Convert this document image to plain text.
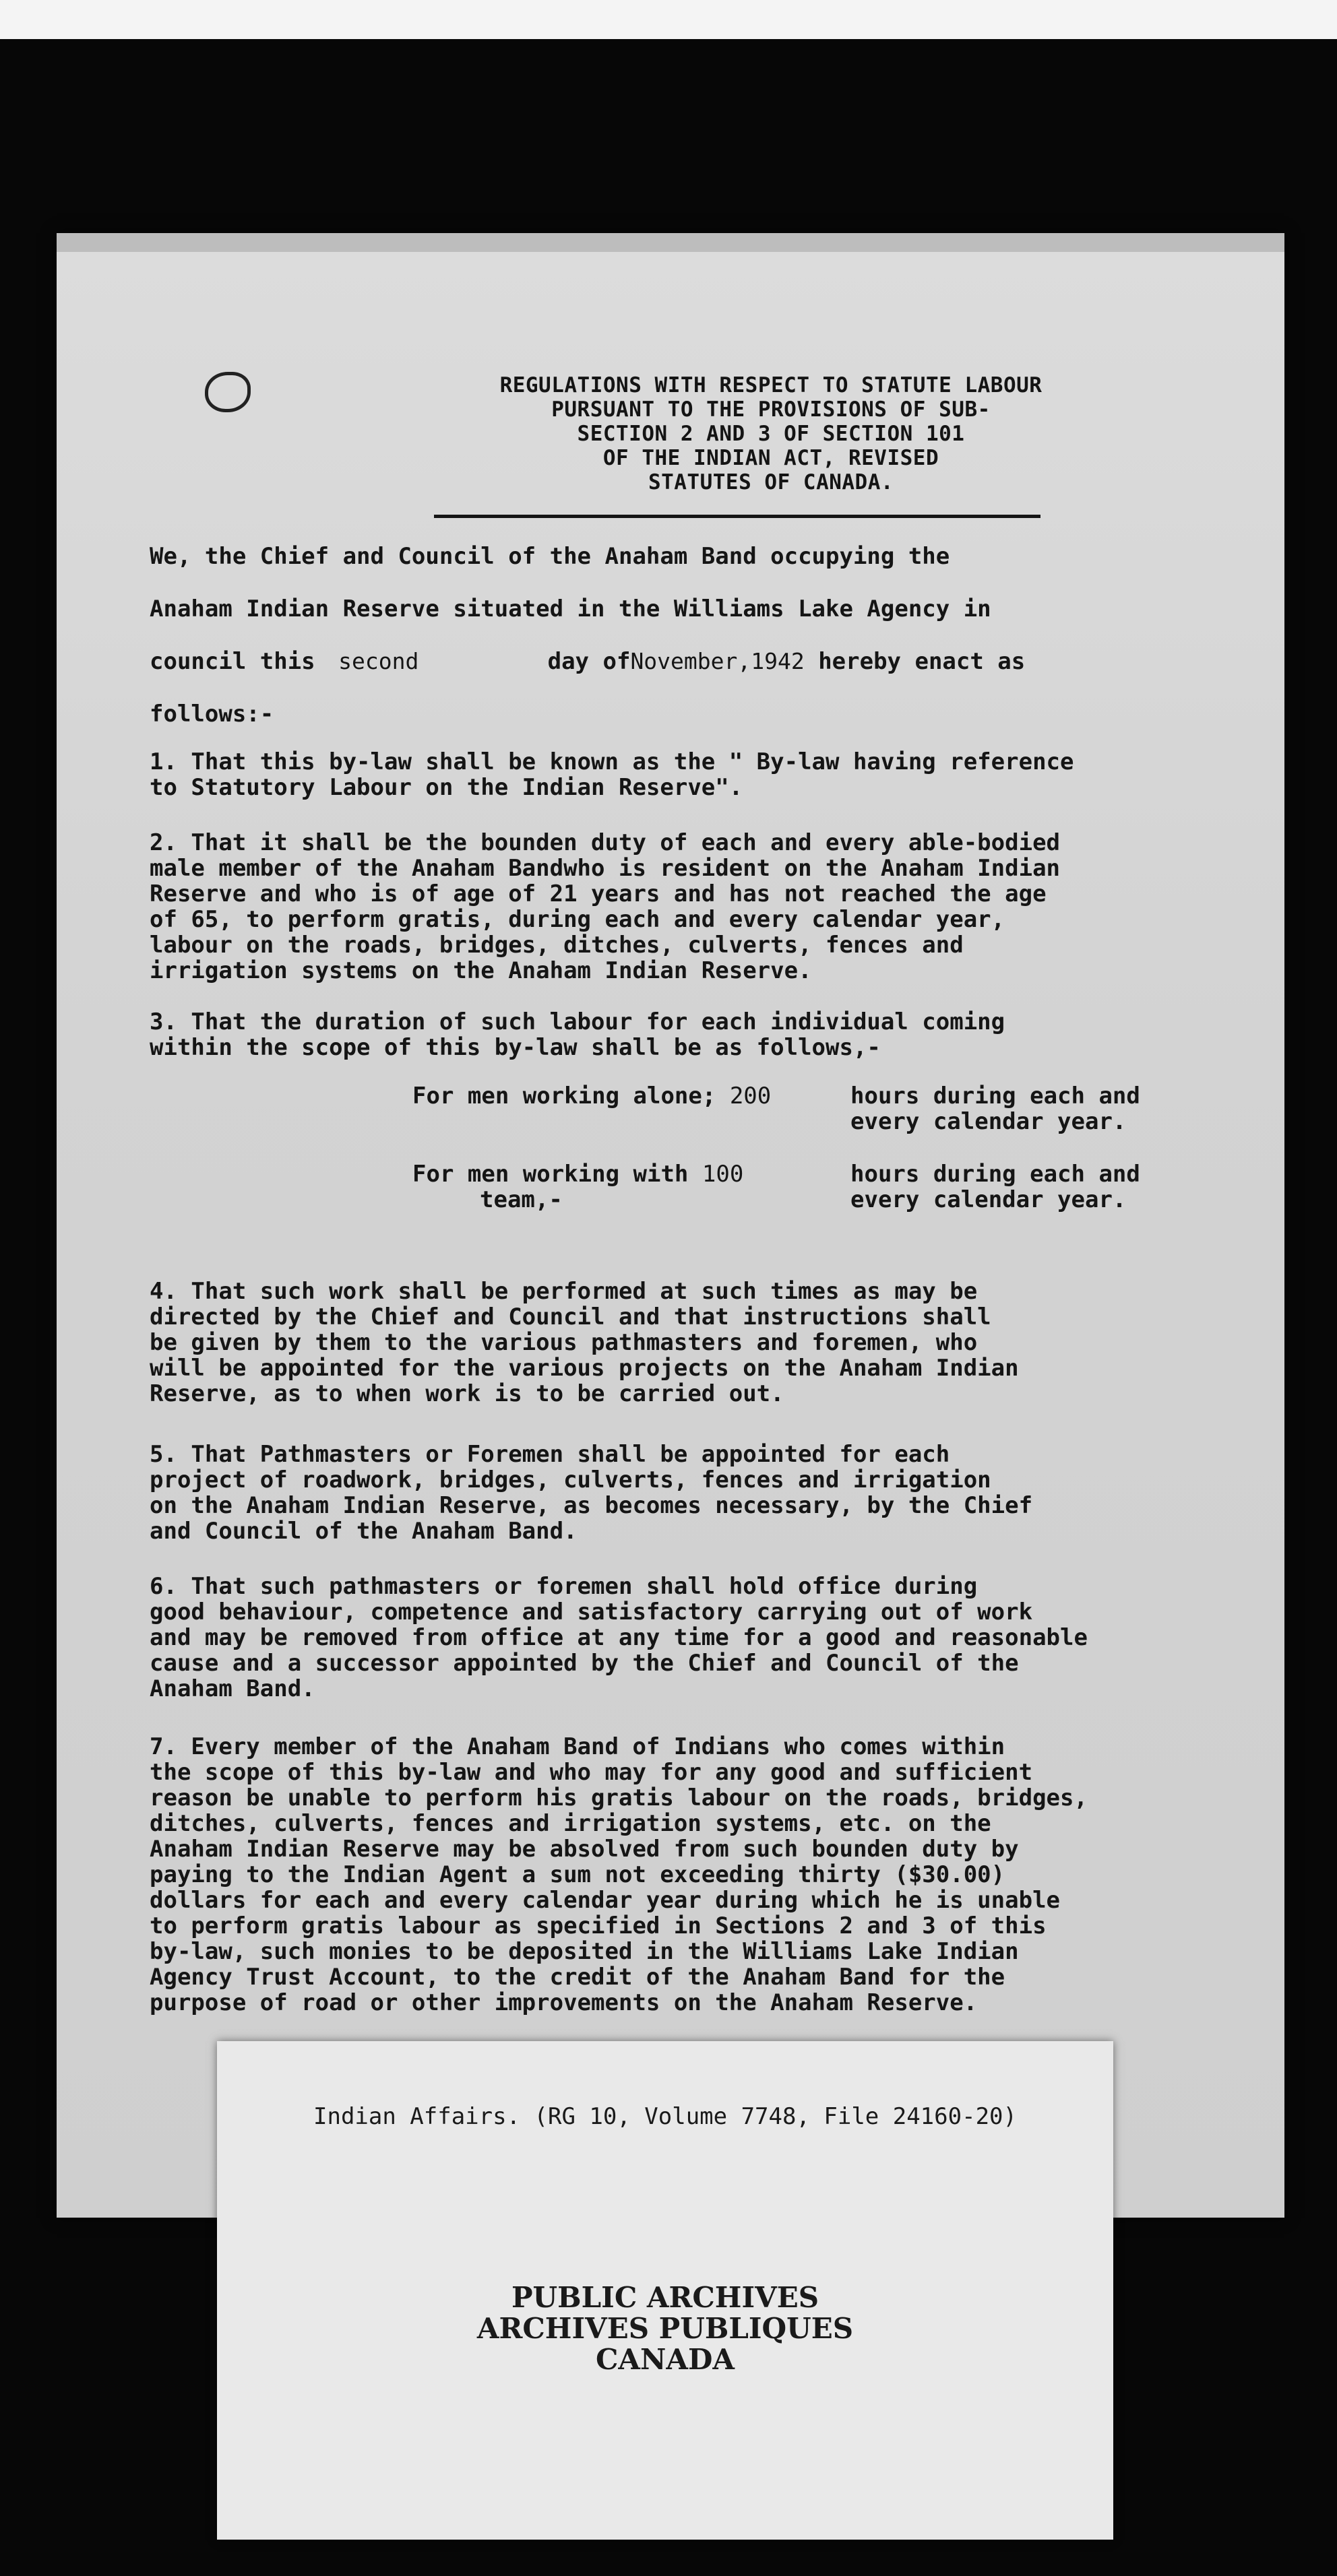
REGULATIONS WITH RESPECT TO STATUTE LABOUR
PURSUANT TO THE PROVISIONS OF SUB-
SECTION 2 AND 3 OF SECTION 101
OF THE INDIAN ACT, REVISED
STATUTES OF CANADA.
We, the Chief and Council of the Anaham Band occupying the
Anaham Indian Reserve situated in the Williams Lake Agency in
council this second	day ofNovember,1942 hereby enact as
follows:-
1. That this by-law shall be known as the " By-law having reference
to Statutory Labour on the Indian Reserve".
2. That it shall be the bounden duty of each and every able-bodied
male member of the Anaham Bandwho is resident on the Anaham Indian
Reserve and who is of age of 21 years and has not reached the age
of 65, to perform gratis, during each and every calendar year,
labour on the roads, bridges, ditches, culverts, fences and
irrigation systems on the Anaham Indian Reserve.
3. That the duration of such labour for each individual coming
within the scope of this by-law shall be as follows,-
For men working alone; 200	hours during each and
every calendar year.
For men working with 100
team,-
hours during each and
every calendar year.
4. That such work shall be performed at such times as may be
directed by the Chief and Council and that instructions shall
be given by them to the various pathmasters and foremen, who
will be appointed for the various projects on the Anaham Indian
Reserve, as to when work is to be carried out.
5. That Pathmasters or Foremen shall be appointed for each
project of roadwork, bridges, culverts, fences and irrigation
on the Anaham Indian Reserve, as becomes necessary, by the Chief
and Council of the Anaham Band.
6. That such pathmasters or foremen shall hold office during
good behaviour, competence and satisfactory carrying out of work
and may be removed from office at any time for a good and reasonable
cause and a successor appointed by the Chief and Council of the
Anaham Band.
7. Every member of the Anaham Band of Indians who comes within
the scope of this by-law and who may for any good and sufficient
reason be unable to perform his gratis labour on the roads, bridges,
ditches, culverts, fences and irrigation systems, etc. on the
Anaham Indian Reserve may be absolved from such bounden duty by
paying to the Indian Agent a sum not exceeding thirty ($30.00)
dollars for each and every calendar year during which he is unable
to perform gratis labour as specified in Sections 2 and 3 of this
by-law, such monies to be deposited in the Williams Lake Indian
Agency Trust Account, to the credit of the Anaham Band for the
purpose of road or other improvements on the Anaham Reserve.
Indian Affairs. (RG 10, Volume 7748, File 24160-20)
PUBLIC ARCHIVES
ARCHIVES PUBLIQUES
CANADA
